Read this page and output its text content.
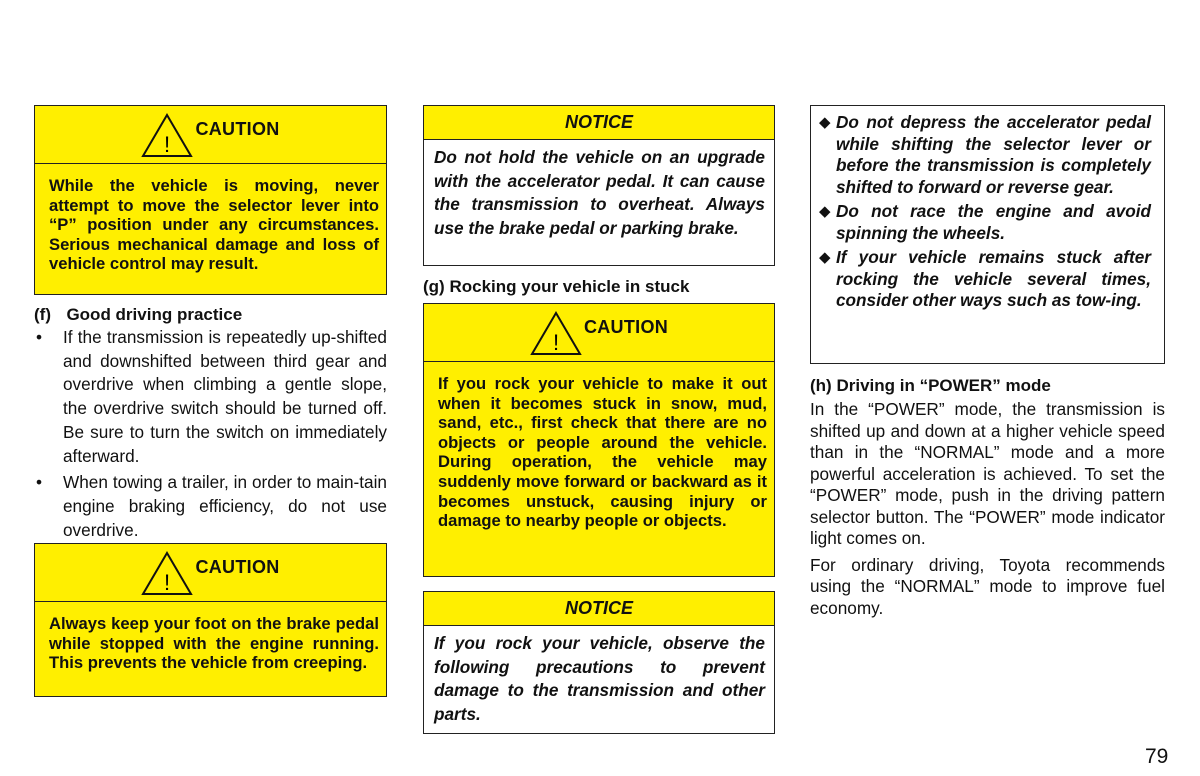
!
CAUTION
While the vehicle is moving, never attempt to move the selector lever into “P” position under any circumstances. Serious mechanical damage and loss of vehicle control may result.

(f) Good driving practice

• If the transmission is repeatedly up-shifted and downshifted between third gear and overdrive when climbing a gentle slope, the overdrive switch should be turned off. Be sure to turn the switch on immediately afterward.
• When towing a trailer, in order to main-tain engine braking efficiency, do not use overdrive.
!
CAUTION
Always keep your foot on the brake pedal while stopped with the engine running. This prevents the vehicle from creeping.
NOTICE
Do not hold the vehicle on an upgrade with the accelerator pedal. It can cause the transmission to overheat. Always use the brake pedal or parking brake.

(g) Rocking your vehicle in stuck

!
CAUTION
If you rock your vehicle to make it out when it becomes stuck in snow, mud, sand, etc., first check that there are no objects or people around the vehicle. During operation, the vehicle may suddenly move forward or backward as it becomes unstuck, causing injury or damage to nearby people or objects.
NOTICE
If you rock your vehicle, observe the following precautions to prevent damage to the transmission and other parts.
◆ Do not depress the accelerator pedal while shifting the selector lever or before the transmission is completely shifted to forward or reverse gear.
◆ Do not race the engine and avoid spinning the wheels.
◆ If your vehicle remains stuck after rocking the vehicle several times, consider other ways such as tow-ing.

(h) Driving in “POWER” mode

In the “POWER” mode, the transmission is shifted up and down at a higher vehicle speed than in the “NORMAL” mode and a more powerful acceleration is achieved. To set the “POWER” mode, push in the driving pattern selector button. The “POWER” mode indicator light comes on.

For ordinary driving, Toyota recommends using the “NORMAL” mode to improve fuel economy.

79
